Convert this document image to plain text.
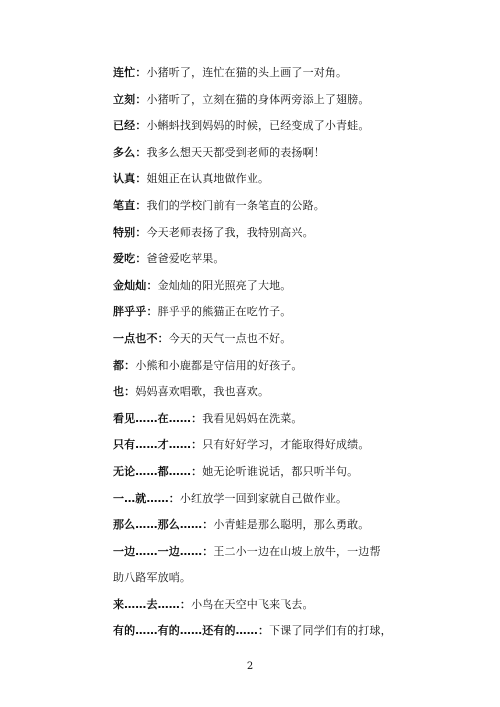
连忙：小猪听了，连忙在猫的头上画了一对角。
立刻：小猪听了，立刻在猫的身体两旁添上了翅膀。
已经：小蝌蚪找到妈妈的时候，已经变成了小青蛙。
多么：我多么想天天都受到老师的表扬啊！
认真：姐姐正在认真地做作业。
笔直：我们的学校门前有一条笔直的公路。
特别：今天老师表扬了我，我特别高兴。
爱吃：爸爸爱吃苹果。
金灿灿：金灿灿的阳光照亮了大地。
胖乎乎：胖乎乎的熊猫正在吃竹子。
一点也不：今天的天气一点也不好。
都：小熊和小鹿都是守信用的好孩子。
也：妈妈喜欢唱歌，我也喜欢。
看见……在……：我看见妈妈在洗菜。
只有……才……：只有好好学习，才能取得好成绩。
无论……都……：她无论听谁说话，都只听半句。
一…就……：小红放学一回到家就自己做作业。
那么……那么……：小青蛙是那么聪明，那么勇敢。
一边……一边……：王二小一边在山坡上放牛，一边帮
助八路军放哨。
来……去……：小鸟在天空中飞来飞去。
有的……有的……还有的……：下课了同学们有的打球，
2
